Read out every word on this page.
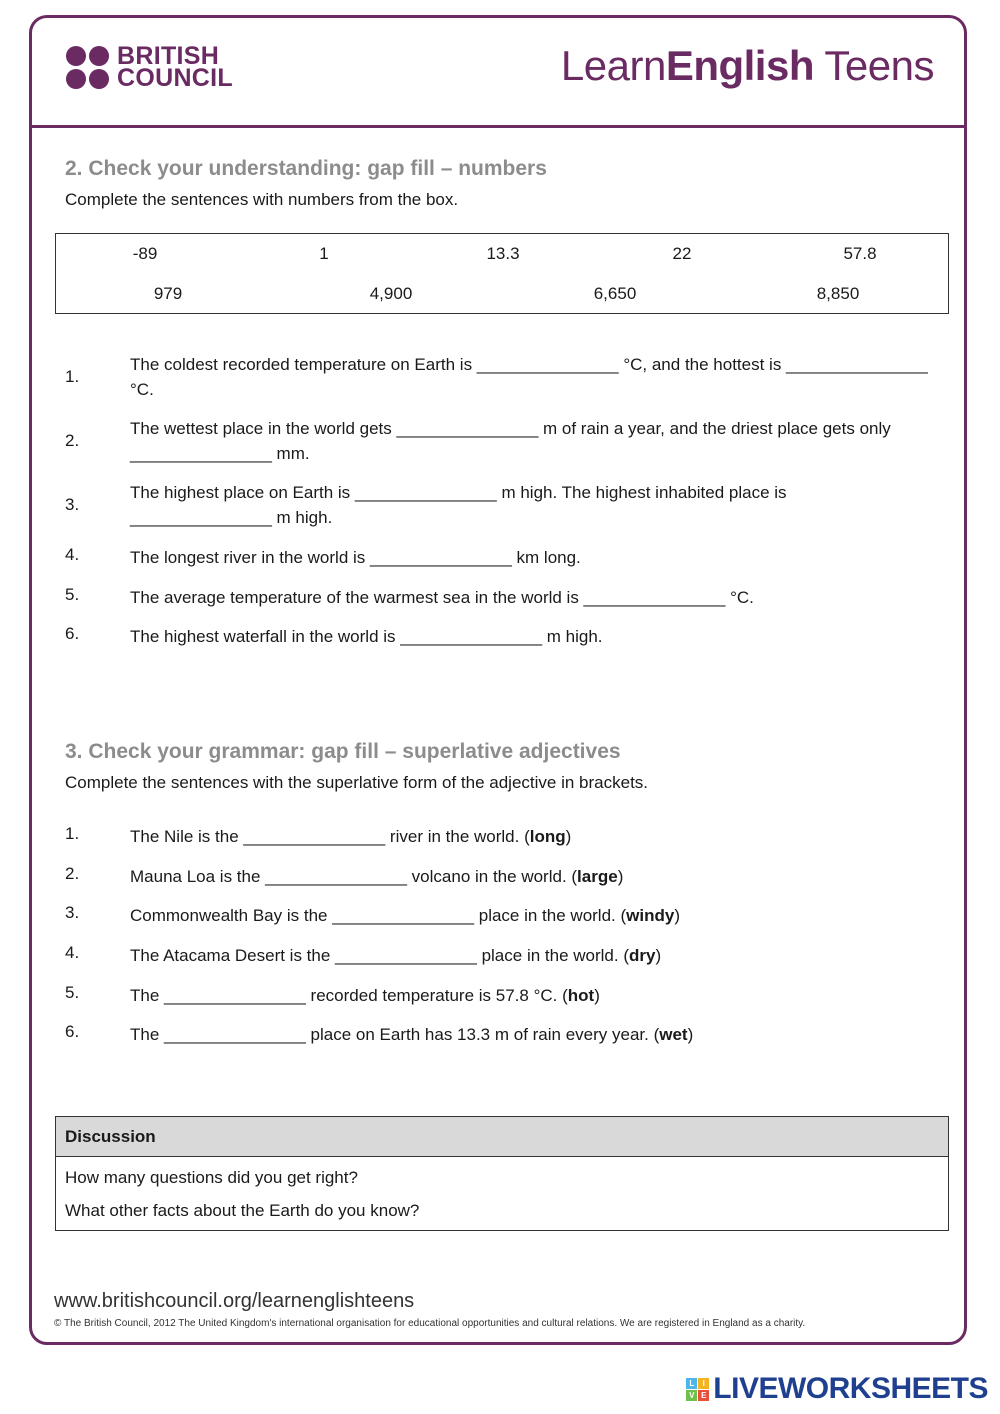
BRITISH
COUNCIL	LearnEnglish Teens
2. Check your understanding: gap fill – numbers
Complete the sentences with numbers from the box.
-89	1	13.3	22	57.8
979	4,900	6,650	8,850
1.
The coldest recorded temperature on Earth is _______________ °C, and the hottest is _______________ °C.
2.
The wettest place in the world gets _______________ m of rain a year, and the driest place gets only _______________ mm.
3.
The highest place on Earth is _______________ m high. The highest inhabited place is _______________ m high.
4.	The longest river in the world is _______________ km long.
5.	The average temperature of the warmest sea in the world is _______________ °C.
6.	The highest waterfall in the world is _______________ m high.
3. Check your grammar: gap fill – superlative adjectives
Complete the sentences with the superlative form of the adjective in brackets.
1.	The Nile is the _______________ river in the world. (long)
2.	Mauna Loa is the _______________ volcano in the world. (large)
3.	Commonwealth Bay is the _______________ place in the world. (windy)
4.	The Atacama Desert is the _______________ place in the world. (dry)
5.	The _______________ recorded temperature is 57.8 °C. (hot)
6.	The _______________ place on Earth has 13.3 m of rain every year. (wet)
Discussion
How many questions did you get right?
What other facts about the Earth do you know?
www.britishcouncil.org/learnenglishteens
© The British Council, 2012 The United Kingdom's international organisation for educational opportunities and cultural relations. We are registered in England as a charity.
L	I
V E LIVEWORKSHEETS
